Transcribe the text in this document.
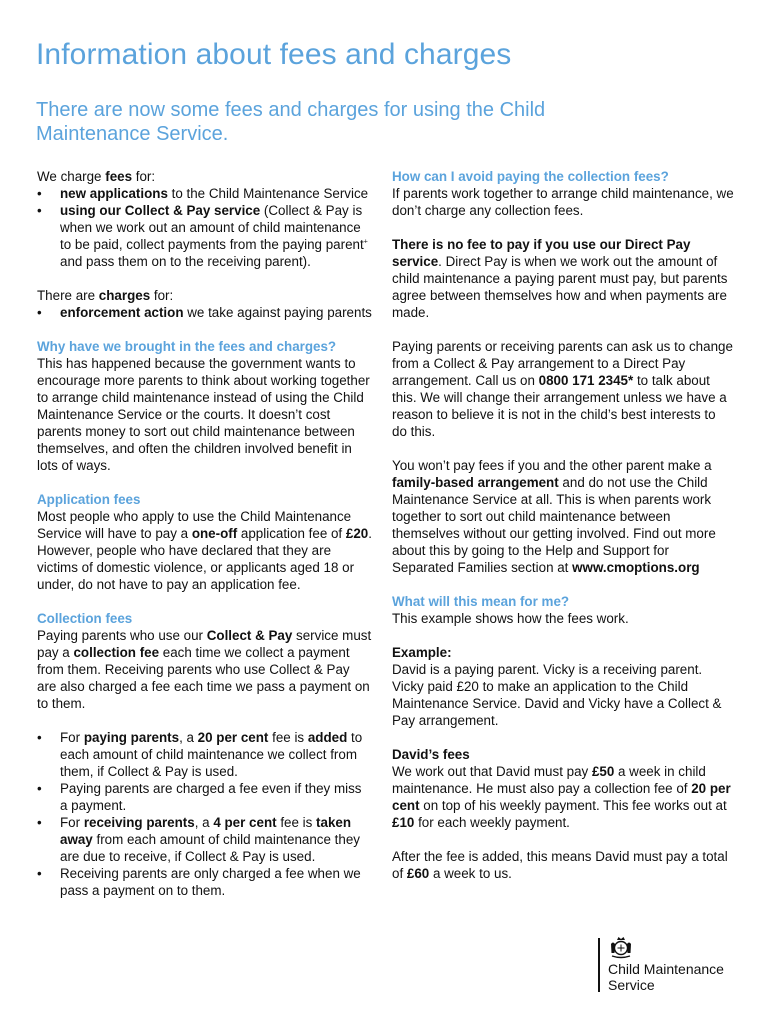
Information about fees and charges
There are now some fees and charges for using the Child Maintenance Service.

We charge fees for:

• new applications to the Child Maintenance Service
• using our Collect & Pay service (Collect & Pay is when we work out an amount of child maintenance to be paid, collect payments from the paying parent+ and pass them on to the receiving parent).

There are charges for:

• enforcement action we take against paying parents

Why have we brought in the fees and charges?

This has happened because the government wants to encourage more parents to think about working together to arrange child maintenance instead of using the Child Maintenance Service or the courts. It doesn’t cost parents money to sort out child maintenance between themselves, and often the children involved benefit in lots of ways.

Application fees

Most people who apply to use the Child Maintenance Service will have to pay a one-off application fee of £20. However, people who have declared that they are victims of domestic violence, or applicants aged 18 or under, do not have to pay an application fee.

Collection fees

Paying parents who use our Collect & Pay service must pay a collection fee each time we collect a payment from them. Receiving parents who use Collect & Pay are also charged a fee each time we pass a payment on to them.

• For paying parents, a 20 per cent fee is added to each amount of child maintenance we collect from them, if Collect & Pay is used.
• Paying parents are charged a fee even if they miss a payment.
• For receiving parents, a 4 per cent fee is taken away from each amount of child maintenance they are due to receive, if Collect & Pay is used.
• Receiving parents are only charged a fee when we pass a payment on to them.

How can I avoid paying the collection fees?

If parents work together to arrange child maintenance, we don’t charge any collection fees.

There is no fee to pay if you use our Direct Pay service. Direct Pay is when we work out the amount of child maintenance a paying parent must pay, but parents agree between themselves how and when payments are made.

Paying parents or receiving parents can ask us to change from a Collect & Pay arrangement to a Direct Pay arrangement. Call us on 0800 171 2345* to talk about this. We will change their arrangement unless we have a reason to believe it is not in the child’s best interests to do this.

You won’t pay fees if you and the other parent make a family-based arrangement and do not use the Child Maintenance Service at all. This is when parents work together to sort out child maintenance between themselves without our getting involved. Find out more about this by going to the Help and Support for Separated Families section at www.cmoptions.org

What will this mean for me?

This example shows how the fees work.

Example:

David is a paying parent. Vicky is a receiving parent. Vicky paid £20 to make an application to the Child Maintenance Service. David and Vicky have a Collect & Pay arrangement.

David’s fees

We work out that David must pay £50 a week in child maintenance. He must also pay a collection fee of 20 per cent on top of his weekly payment. This fee works out at £10 for each weekly payment.

After the fee is added, this means David must pay a total of £60 a week to us.

Child Maintenance
Service
